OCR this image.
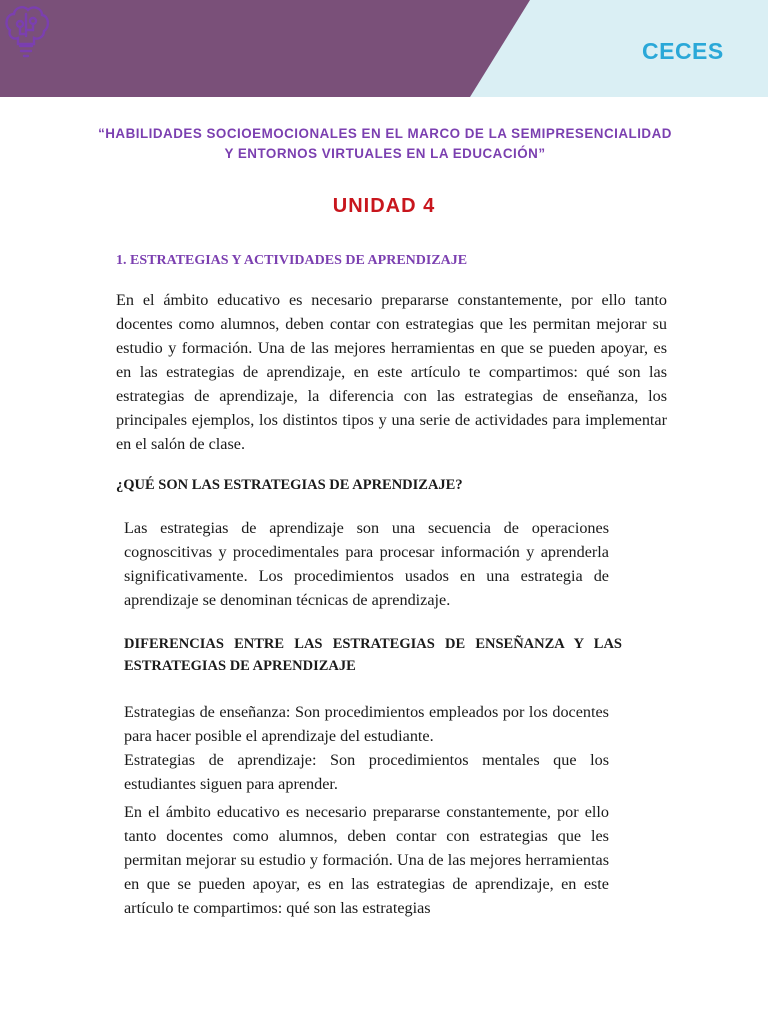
CECES
“HABILIDADES SOCIOEMOCIONALES EN EL MARCO DE LA SEMIPRESENCIALIDAD
Y ENTORNOS VIRTUALES EN LA EDUCACIÓN”
UNIDAD 4
1. ESTRATEGIAS Y ACTIVIDADES DE APRENDIZAJE

En el ámbito educativo es necesario prepararse constantemente, por ello tanto docentes como alumnos, deben contar con estrategias que les permitan mejorar su estudio y formación. Una de las mejores herramientas en que se pueden apoyar, es en las estrategias de aprendizaje, en este artículo te compartimos: qué son las estrategias de aprendizaje, la diferencia con las estrategias de enseñanza, los principales ejemplos, los distintos tipos y una serie de actividades para implementar en el salón de clase.

¿QUÉ SON LAS ESTRATEGIAS DE APRENDIZAJE?

Las estrategias de aprendizaje son una secuencia de operaciones cognoscitivas y procedimentales para procesar información y aprenderla significativamente. Los procedimientos usados en una estrategia de aprendizaje se denominan técnicas de aprendizaje.

DIFERENCIAS ENTRE LAS ESTRATEGIAS DE ENSEÑANZA Y LAS ESTRATEGIAS DE APRENDIZAJE

Estrategias de enseñanza: Son procedimientos empleados por los docentes para hacer posible el aprendizaje del estudiante.

Estrategias de aprendizaje: Son procedimientos mentales que los estudiantes siguen para aprender.

En el ámbito educativo es necesario prepararse constantemente, por ello tanto docentes como alumnos, deben contar con estrategias que les permitan mejorar su estudio y formación. Una de las mejores herramientas en que se pueden apoyar, es en las estrategias de aprendizaje, en este artículo te compartimos: qué son las estrategias
